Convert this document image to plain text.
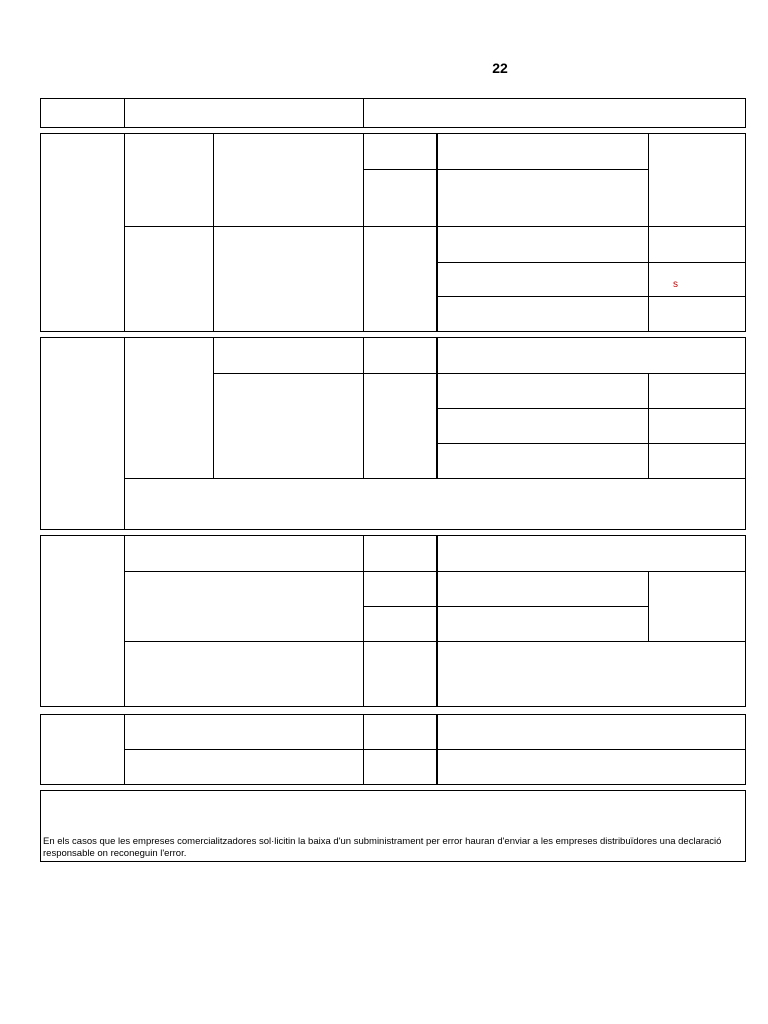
22
s
En els casos que les empreses comercialitzadores sol·licitin la baixa d'un subministrament per error hauran d'enviar a les empreses distribuïdores una declaració responsable on reconeguin l'error.
